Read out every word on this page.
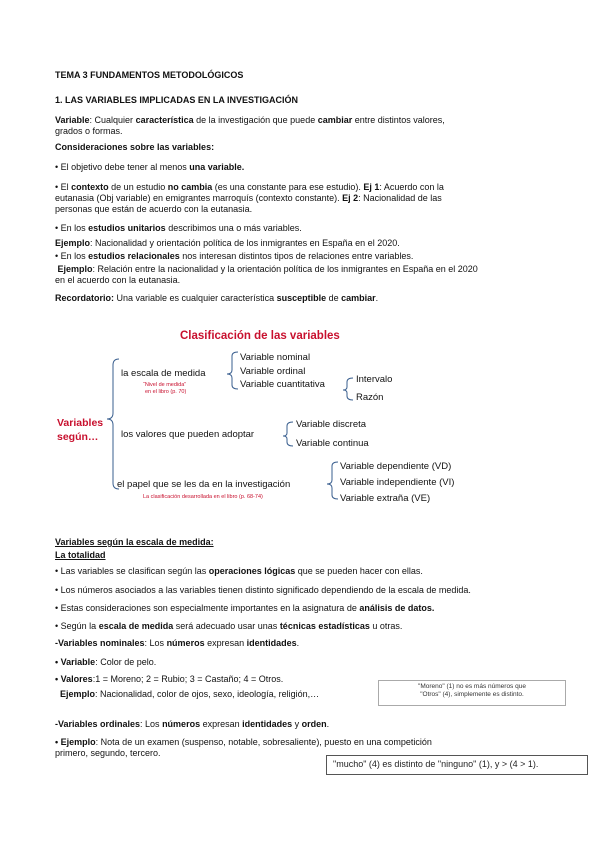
TEMA 3 FUNDAMENTOS METODOLÓGICOS
1. LAS VARIABLES IMPLICADAS EN LA INVESTIGACIÓN
Variable: Cualquier característica de la investigación que puede cambiar entre distintos valores,
grados o formas.
Consideraciones sobre las variables:
• El objetivo debe tener al menos una variable.
• El contexto de un estudio no cambia (es una constante para ese estudio). Ej 1: Acuerdo con la
eutanasia (Obj variable) en emigrantes marroquís (contexto constante). Ej 2: Nacionalidad de las
personas que están de acuerdo con la eutanasia.
• En los estudios unitarios describimos una o más variables.
Ejemplo: Nacionalidad y orientación política de los inmigrantes en España en el 2020.
• En los estudios relacionales nos interesan distintos tipos de relaciones entre variables.
Ejemplo: Relación entre la nacionalidad y la orientación política de los inmigrantes en España en el 2020
en el acuerdo con la eutanasia.
Recordatorio: Una variable es cualquier característica susceptible de cambiar.
Clasificación de las variables
Variables
según…
la escala de medida
“Nivel de medida”
en el libro (p. 70)
Variable nominal
Variable ordinal
Variable cuantitativa	Intervalo
Razón
los valores que pueden adoptar
Variable discreta
Variable continua
el papel que se les da en la investigación
La clasificación desarrollada en el libro (p. 68-74)
Variable dependiente (VD)
Variable independiente (VI)
Variable extraña (VE)
Variables según la escala de medida:
La totalidad
• Las variables se clasifican según las operaciones lógicas que se pueden hacer con ellas.
• Los números asociados a las variables tienen distinto significado dependiendo de la escala de medida.
• Estas consideraciones son especialmente importantes en la asignatura de análisis de datos.
• Según la escala de medida será adecuado usar unas técnicas estadísticas u otras.
-Variables nominales: Los números expresan identidades.
• Variable: Color de pelo.
• Valores:1 = Moreno; 2 = Rubio; 3 = Castaño; 4 = Otros.
Ejemplo: Nacionalidad, color de ojos, sexo, ideología, religión,…
"Moreno" (1) no es más números que
"Otros" (4), simplemente es distinto.
-Variables ordinales: Los números expresan identidades y orden.
• Ejemplo: Nota de un examen (suspenso, notable, sobresaliente), puesto en una competición
primero, segundo, tercero.
"mucho" (4) es distinto de "ninguno" (1), y > (4 > 1).
